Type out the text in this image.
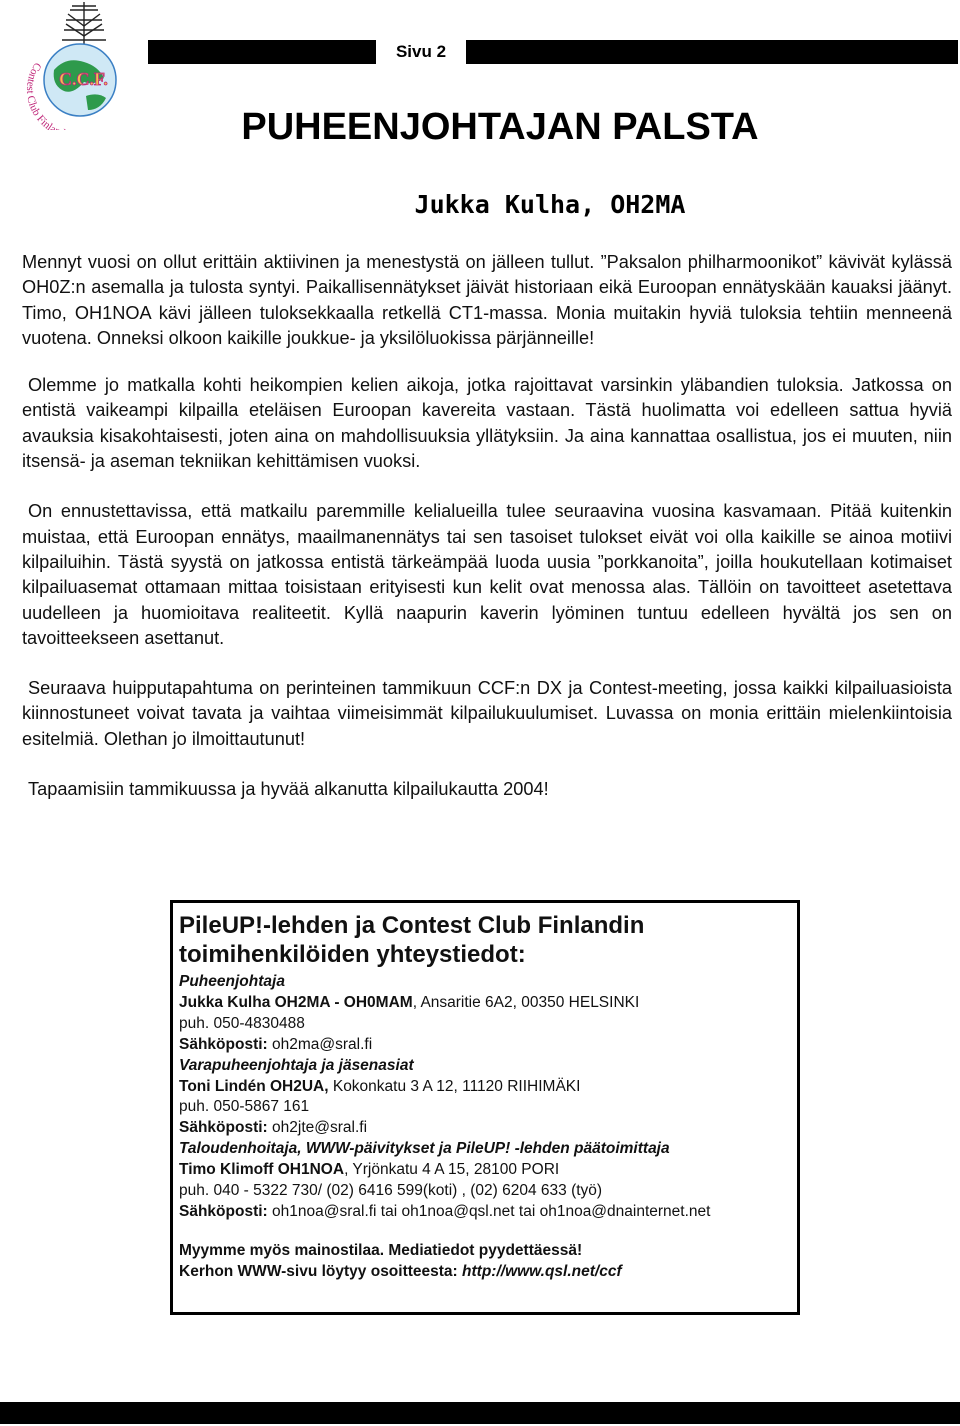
Sivu 2
C.C.F.
Contest Club Finla	PUHEENJOHTAJAN PALSTA
Jukka Kulha, OH2MA

Mennyt vuosi on ollut erittäin aktiivinen ja menestystä on jälleen tullut. ”Paksalon philharmoonikot” kävivät kylässä OH0Z:n asemalla ja tulosta syntyi. Paikallisennätykset jäivät historiaan eikä Euroopan ennätyskään kauaksi jäänyt. Timo, OH1NOA kävi jälleen tuloksekkaalla retkellä CT1-massa. Monia muitakin hyviä tuloksia tehtiin menneenä vuotena. Onneksi olkoon kaikille joukkue- ja yksilöluokissa pärjänneille!

Olemme jo matkalla kohti heikompien kelien aikoja, jotka rajoittavat varsinkin yläbandien tuloksia. Jatkossa on entistä vaikeampi kilpailla eteläisen Euroopan kavereita vastaan. Tästä huolimatta voi edelleen sattua hyviä avauksia kisakohtaisesti, joten aina on mahdollisuuksia yllätyksiin. Ja aina kannattaa osallistua, jos ei muuten, niin itsensä- ja aseman tekniikan kehittämisen vuoksi.

On ennustettavissa, että matkailu paremmille kelialueilla tulee seuraavina vuosina kasvamaan. Pitää kuitenkin muistaa, että Euroopan ennätys, maailmanennätys tai sen tasoiset tulokset eivät voi olla kaikille se ainoa motiivi kilpailuihin. Tästä syystä on jatkossa entistä tärkeämpää luoda uusia ”porkkanoita”, joilla houkutellaan kotimaiset kilpailuasemat ottamaan mittaa toisistaan erityisesti kun kelit ovat menossa alas. Tällöin on tavoitteet asetettava uudelleen ja huomioitava realiteetit. Kyllä naapurin kaverin lyöminen tuntuu edelleen hyvältä jos sen on tavoitteekseen asettanut.

Seuraava huipputapahtuma on perinteinen tammikuun CCF:n DX ja Contest-meeting, jossa kaikki kilpailuasioista kiinnostuneet voivat tavata ja vaihtaa viimeisimmät kilpailukuulumiset. Luvassa on monia erittäin mielenkiintoisia esitelmiä. Olethan jo ilmoittautunut!

Tapaamisiin tammikuussa ja hyvää alkanutta kilpailukautta 2004!

PileUP!-lehden ja Contest Club Finlandin
toimihenkilöiden yhteystiedot:
Puheenjohtaja
Jukka Kulha OH2MA - OH0MAM, Ansaritie 6A2, 00350 HELSINKI
puh. 050-4830488
Sähköposti: oh2ma@sral.fi
Varapuheenjohtaja ja jäsenasiat
Toni Lindén OH2UA, Kokonkatu 3 A 12, 11120 RIIHIMÄKI
puh. 050-5867 161
Sähköposti: oh2jte@sral.fi
Taloudenhoitaja, WWW-päivitykset ja PileUP! -lehden päätoimittaja
Timo Klimoff OH1NOA, Yrjönkatu 4 A 15, 28100 PORI
puh. 040 - 5322 730/ (02) 6416 599(koti) , (02) 6204 633 (työ)
Sähköposti: oh1noa@sral.fi tai oh1noa@qsl.net tai oh1noa@dnainternet.net
Myymme myös mainostilaa. Mediatiedot pyydettäessä!
Kerhon WWW-sivu löytyy osoitteesta: http://www.qsl.net/ccf
